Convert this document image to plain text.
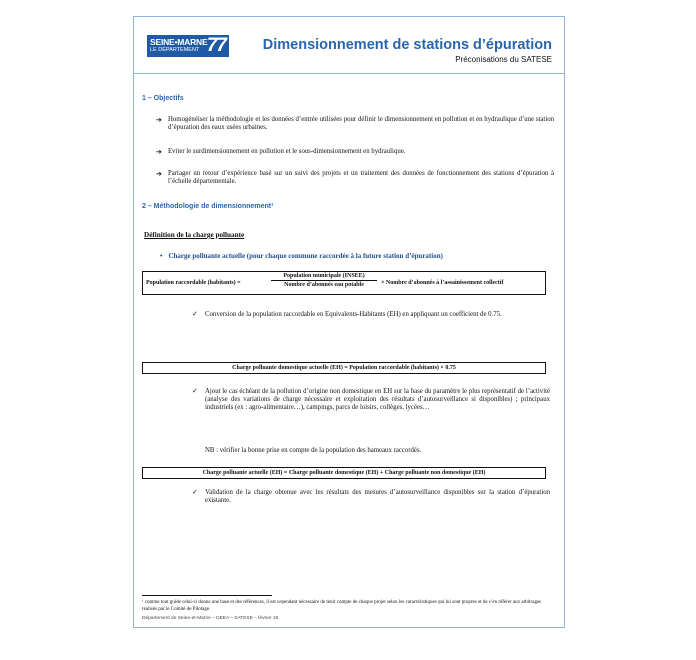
SEINE•MARNE
LE DÉPARTEMENT 77	Dimensionnement de stations d’épuration
Préconisations du SATESE
1 – Objectifs
➔ Homogénéiser la méthodologie et les données d’entrée utilisées pour définir le dimensionnement en pollution et en hydraulique d’une station d’épuration des eaux usées urbaines.
➔ Eviter le surdimensionnement en pollution et le sous-dimensionnement en hydraulique.
➔ Partager un retour d’expérience basé sur un suivi des projets et un traitement des données de fonctionnement des stations d’épuration à l’échelle départementale.
2 – Méthodologie de dimensionnement¹
Définition de la charge polluante
• Charge polluante actuelle (pour chaque commune raccordée à la future station d’épuration)
Population raccordable (habitants) =
Population municipale (INSEE)
Nombre d’abonnés eau potable	× Nombre d’abonnés à l’assainissement collectif
✓ Conversion de la population raccordable en Equivalents-Habitants (EH) en appliquant un coefficient de 0.75.
Charge polluante domestique actuelle (EH) = Population raccordable (habitants) × 0.75
✓ Ajout le cas échéant de la pollution d’origine non domestique en EH sur la base du paramètre le plus représentatif de l’activité (analyse des variations de charge nécessaire et exploitation des résultats d’autosurveillance si disponibles) ; principaux industriels (ex : agro-alimentaire…), campings, parcs de loisirs, collèges, lycées…
NB : vérifier la bonne prise en compte de la population des hameaux raccordés.
Charge polluante actuelle (EH) = Charge polluante domestique (EH) + Charge polluante non domestique (EH)
✓ Validation de la charge obtenue avec les résultats des mesures d’autosurveillance disponibles sur la station d’épuration existante.
¹ comme tout guide celui-ci donne une base et des références, il est cependant nécessaire de tenir compte de chaque projet selon les caractéristiques qui lui sont propres et de s’en référer aux arbitrages réalisés par le Comité de Pilotage.
Département de Seine-et-Marne – DEEA – SATESE – février 19
